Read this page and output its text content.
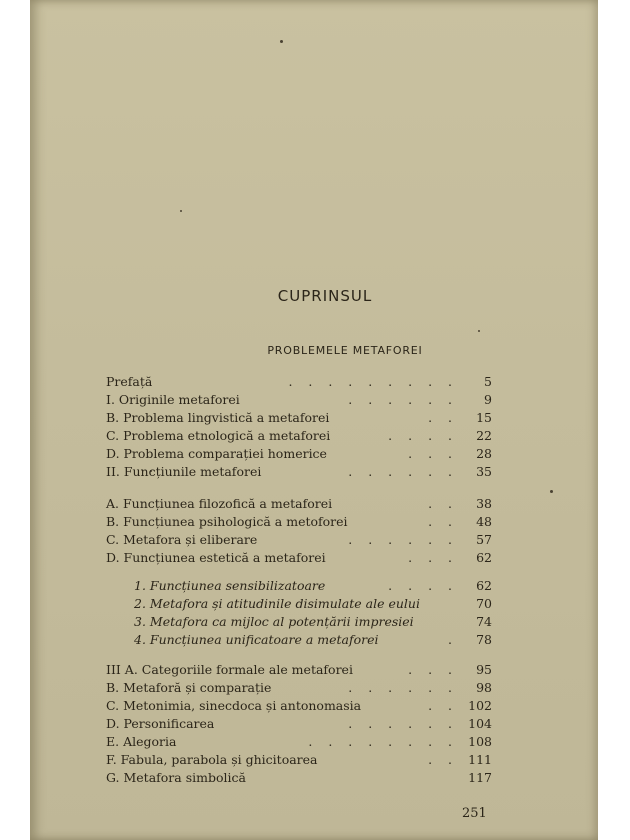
CUPRINSUL
PROBLEMELE METAFOREI
Prefață	. . . . . . . . .	5
I. Originile metaforei	. . . . . .	9
B. Problema lingvistică a metaforei	. .	15
C. Problema etnologică a metaforei	. . . .	22
D. Problema comparației homerice	. . .	28
II. Funcțiunile metaforei	. . . . . .	35
A. Funcțiunea filozofică a metaforei	. .	38
B. Funcțiunea psihologică a metoforei	. .	48
C. Metafora și eliberare	. . . . . .	57
D. Funcțiunea estetică a metaforei	. . .	62
1. Funcțiunea sensibilizatoare	. . . .	62
2. Metafora și atitudinile disimulate ale eului	70
3. Metafora ca mijloc al potențării impresiei	74
4. Funcțiunea unificatoare a metaforei	.	78
III A. Categoriile formale ale metaforei	. . .	95
B. Metaforă și comparație	. . . . . .	98
C. Metonimia, sinecdoca și antonomasia	. . 102
D. Personificarea	. . . . . . 104
E. Alegoria	. . . . . . . . 108
F. Fabula, parabola și ghicitoarea	. . 111
G. Metafora simbolică	117
251
